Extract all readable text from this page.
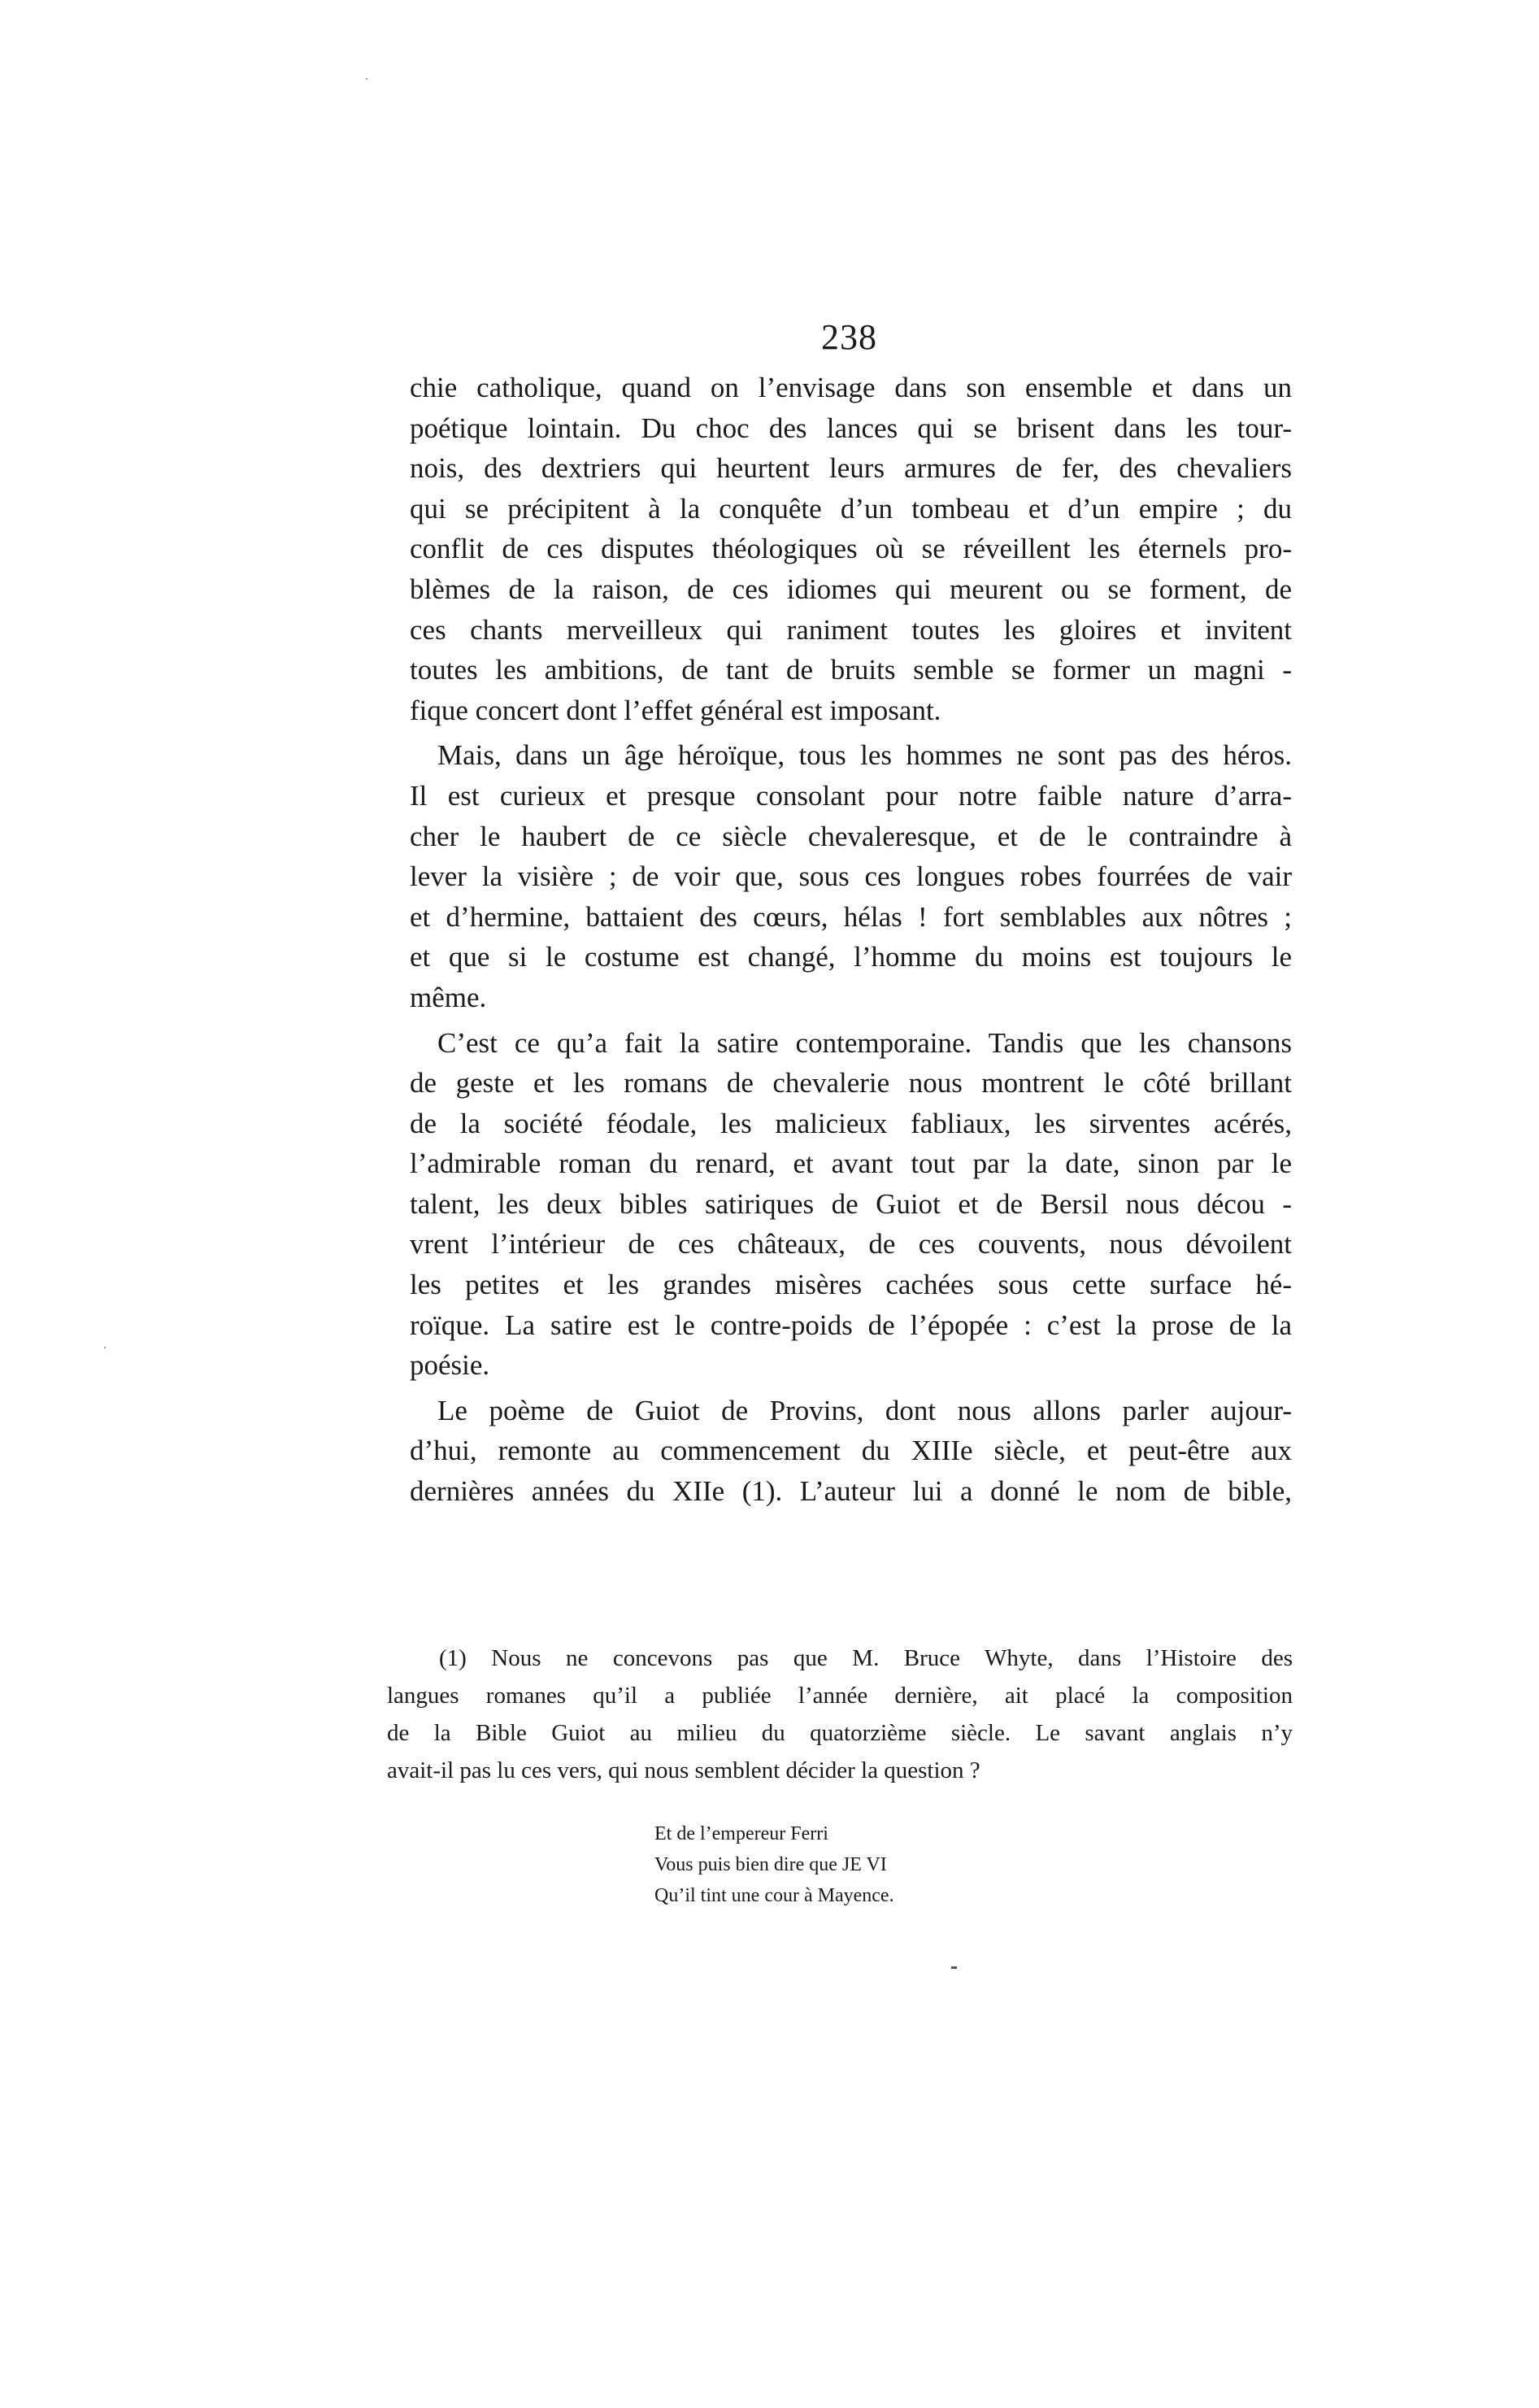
238
chie catholique, quand on l’envisage dans son ensemble et dans un
poétique lointain. Du choc des lances qui se brisent dans les tour-
nois, des dextriers qui heurtent leurs armures de fer, des chevaliers
qui se précipitent à la conquête d’un tombeau et d’un empire ; du
conflit de ces disputes théologiques où se réveillent les éternels pro-
blèmes de la raison, de ces idiomes qui meurent ou se forment, de
ces chants merveilleux qui raniment toutes les gloires et invitent
toutes les ambitions, de tant de bruits semble se former un magni -
fique concert dont l’effet général est imposant.
Mais, dans un âge héroïque, tous les hommes ne sont pas des héros.
Il est curieux et presque consolant pour notre faible nature d’arra-
cher le haubert de ce siècle chevaleresque, et de le contraindre à
lever la visière ; de voir que, sous ces longues robes fourrées de vair
et d’hermine, battaient des cœurs, hélas ! fort semblables aux nôtres ;
et que si le costume est changé, l’homme du moins est toujours le
même.
C’est ce qu’a fait la satire contemporaine. Tandis que les chansons
de geste et les romans de chevalerie nous montrent le côté brillant
de la société féodale, les malicieux fabliaux, les sirventes acérés,
l’admirable roman du renard, et avant tout par la date, sinon par le
talent, les deux bibles satiriques de Guiot et de Bersil nous décou -
vrent l’intérieur de ces châteaux, de ces couvents, nous dévoilent
les petites et les grandes misères cachées sous cette surface hé-
roïque. La satire est le contre-poids de l’épopée : c’est la prose de la
poésie.
Le poème de Guiot de Provins, dont nous allons parler aujour-
d’hui, remonte au commencement du XIIIe siècle, et peut-être aux
dernières années du XIIe (1). L’auteur lui a donné le nom de bible,
(1) Nous ne concevons pas que M. Bruce Whyte, dans l’Histoire des
langues romanes qu’il a publiée l’année dernière, ait placé la composition
de la Bible Guiot au milieu du quatorzième siècle. Le savant anglais n’y
avait-il pas lu ces vers, qui nous semblent décider la question ?
Et de l’empereur Ferri
Vous puis bien dire que JE VI
Qu’il tint une cour à Mayence.
